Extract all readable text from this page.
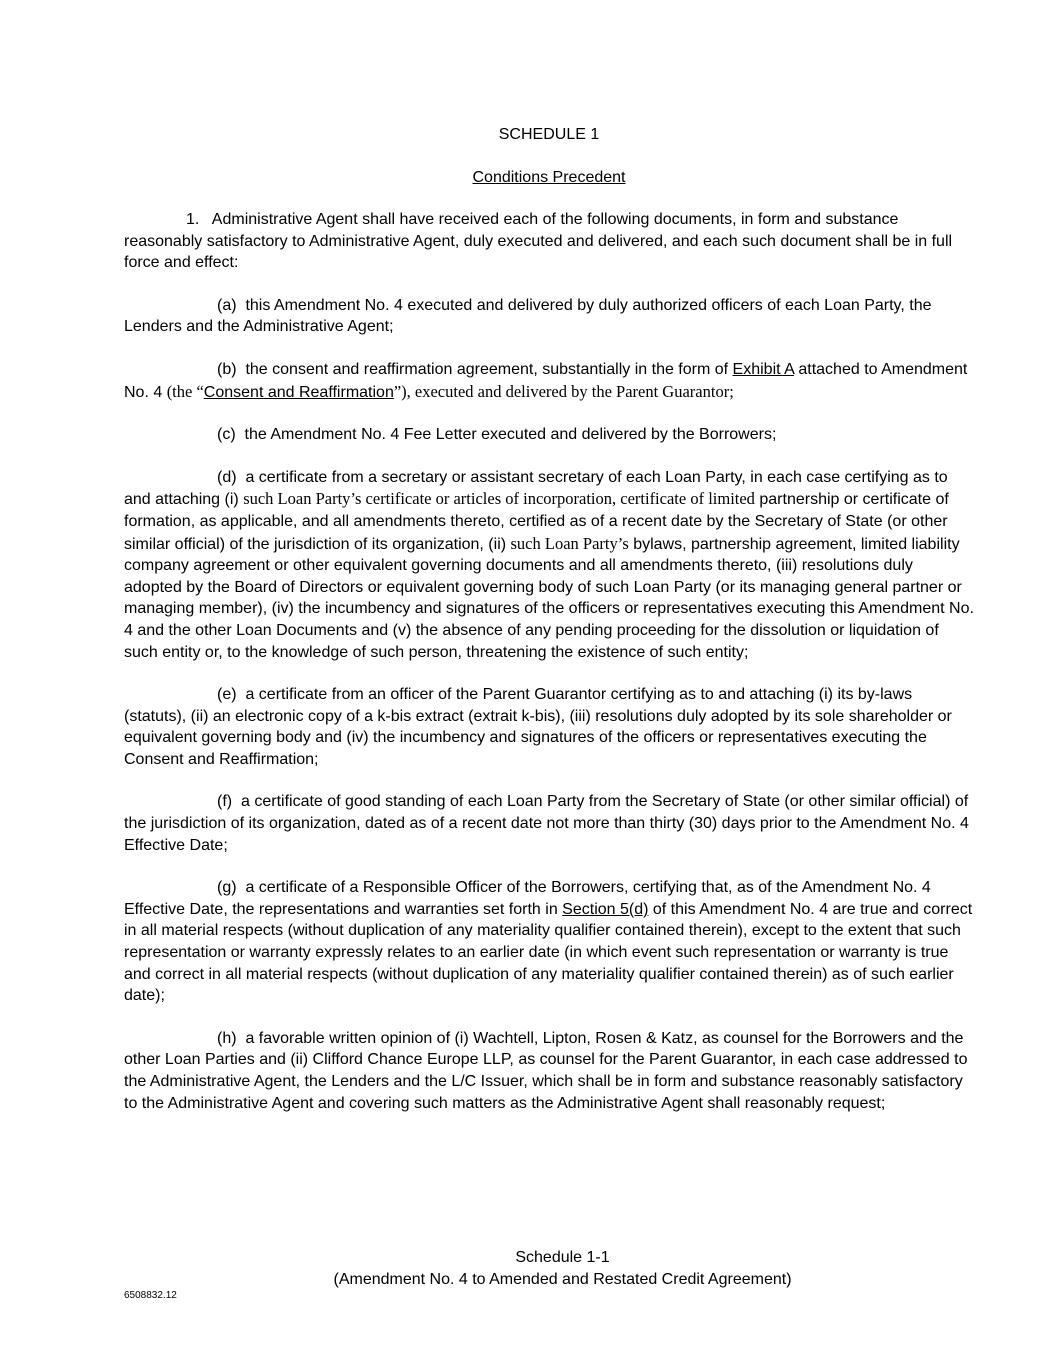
SCHEDULE 1
Conditions Precedent

1. Administrative Agent shall have received each of the following documents, in form and substance reasonably satisfactory to Administrative Agent, duly executed and delivered, and each such document shall be in full force and effect:

(a) this Amendment No. 4 executed and delivered by duly authorized officers of each Loan Party, the Lenders and the Administrative Agent;

(b) the consent and reaffirmation agreement, substantially in the form of Exhibit A attached to Amendment No. 4 (the “Consent and Reaffirmation”), executed and delivered by the Parent Guarantor;

(c) the Amendment No. 4 Fee Letter executed and delivered by the Borrowers;

(d) a certificate from a secretary or assistant secretary of each Loan Party, in each case certifying as to and attaching (i) such Loan Party’s certificate or articles of incorporation, certificate of limited partnership or certificate of formation, as applicable, and all amendments thereto, certified as of a recent date by the Secretary of State (or other similar official) of the jurisdiction of its organization, (ii) such Loan Party’s bylaws, partnership agreement, limited liability company agreement or other equivalent governing documents and all amendments thereto, (iii) resolutions duly adopted by the Board of Directors or equivalent governing body of such Loan Party (or its managing general partner or managing member), (iv) the incumbency and signatures of the officers or representatives executing this Amendment No. 4 and the other Loan Documents and (v) the absence of any pending proceeding for the dissolution or liquidation of such entity or, to the knowledge of such person, threatening the existence of such entity;

(e) a certificate from an officer of the Parent Guarantor certifying as to and attaching (i) its by-laws (statuts), (ii) an electronic copy of a k-bis extract (extrait k-bis), (iii) resolutions duly adopted by its sole shareholder or equivalent governing body and (iv) the incumbency and signatures of the officers or representatives executing the Consent and Reaffirmation;

(f) a certificate of good standing of each Loan Party from the Secretary of State (or other similar official) of the jurisdiction of its organization, dated as of a recent date not more than thirty (30) days prior to the Amendment No. 4 Effective Date;

(g) a certificate of a Responsible Officer of the Borrowers, certifying that, as of the Amendment No. 4 Effective Date, the representations and warranties set forth in Section 5(d) of this Amendment No. 4 are true and correct in all material respects (without duplication of any materiality qualifier contained therein), except to the extent that such representation or warranty expressly relates to an earlier date (in which event such representation or warranty is true and correct in all material respects (without duplication of any materiality qualifier contained therein) as of such earlier date);

(h) a favorable written opinion of (i) Wachtell, Lipton, Rosen & Katz, as counsel for the Borrowers and the other Loan Parties and (ii) Clifford Chance Europe LLP, as counsel for the Parent Guarantor, in each case addressed to the Administrative Agent, the Lenders and the L/C Issuer, which shall be in form and substance reasonably satisfactory to the Administrative Agent and covering such matters as the Administrative Agent shall reasonably request;

Schedule 1-1
(Amendment No. 4 to Amended and Restated Credit Agreement)
6508832.12
